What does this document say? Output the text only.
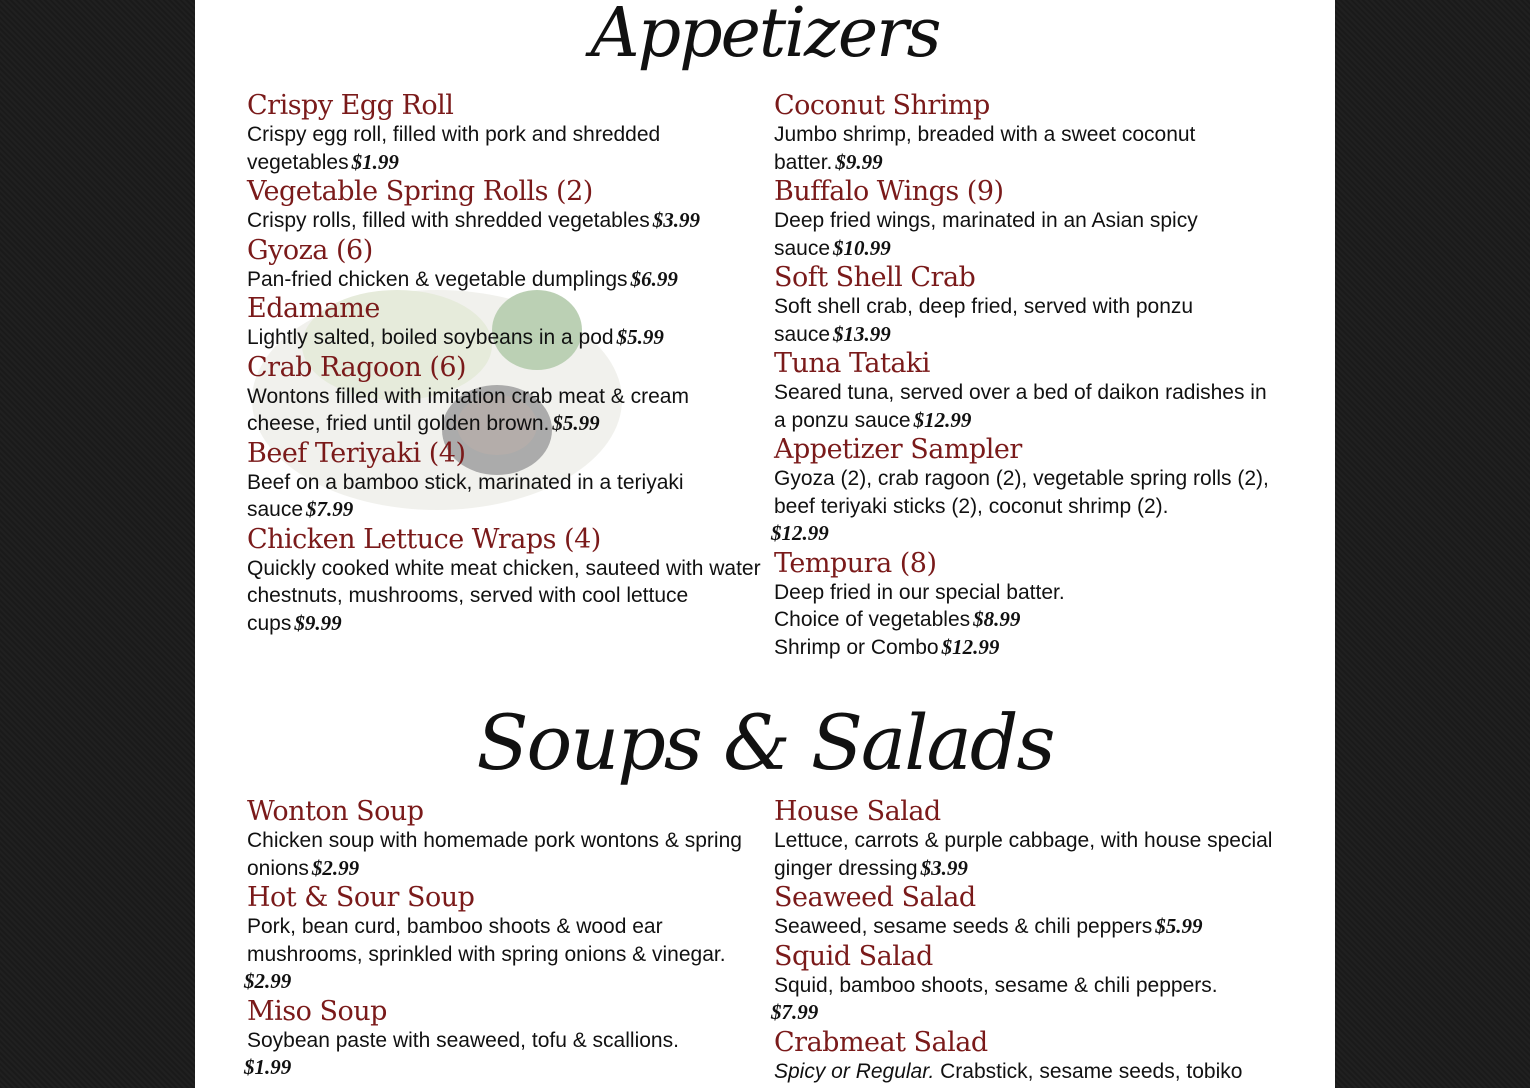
Appetizers
Crispy Egg Roll
Crispy egg roll, filled with pork and shredded vegetables $1.99
Vegetable Spring Rolls (2)
Crispy rolls, filled with shredded vegetables $3.99
Gyoza (6)
Pan-fried chicken & vegetable dumplings $6.99
Edamame
Lightly salted, boiled soybeans in a pod $5.99
Crab Ragoon (6)
Wontons filled with imitation crab meat & cream cheese, fried until golden brown. $5.99
Beef Teriyaki (4)
Beef on a bamboo stick, marinated in a teriyaki sauce $7.99
Chicken Lettuce Wraps (4)
Quickly cooked white meat chicken, sauteed with water chestnuts, mushrooms, served with cool lettuce cups $9.99
Coconut Shrimp
Jumbo shrimp, breaded with a sweet coconut batter. $9.99
Buffalo Wings (9)
Deep fried wings, marinated in an Asian spicy sauce $10.99
Soft Shell Crab
Soft shell crab, deep fried, served with ponzu sauce $13.99
Tuna Tataki
Seared tuna, served over a bed of daikon radishes in a ponzu sauce $12.99
Appetizer Sampler
Gyoza (2), crab ragoon (2), vegetable spring rolls (2), beef teriyaki sticks (2), coconut shrimp (2).
$12.99
Tempura (8)
Deep fried in our special batter.
Choice of vegetables $8.99
Shrimp or Combo $12.99
Soups & Salads
Wonton Soup
Chicken soup with homemade pork wontons & spring onions $2.99
Hot & Sour Soup
Pork, bean curd, bamboo shoots & wood ear mushrooms, sprinkled with spring onions & vinegar.
$2.99
Miso Soup
Soybean paste with seaweed, tofu & scallions.
$1.99
House Salad
Lettuce, carrots & purple cabbage, with house special ginger dressing $3.99
Seaweed Salad
Seaweed, sesame seeds & chili peppers $5.99
Squid Salad
Squid, bamboo shoots, sesame & chili peppers.
$7.99
Crabmeat Salad
Spicy or Regular. Crabstick, sesame seeds, tobiko
